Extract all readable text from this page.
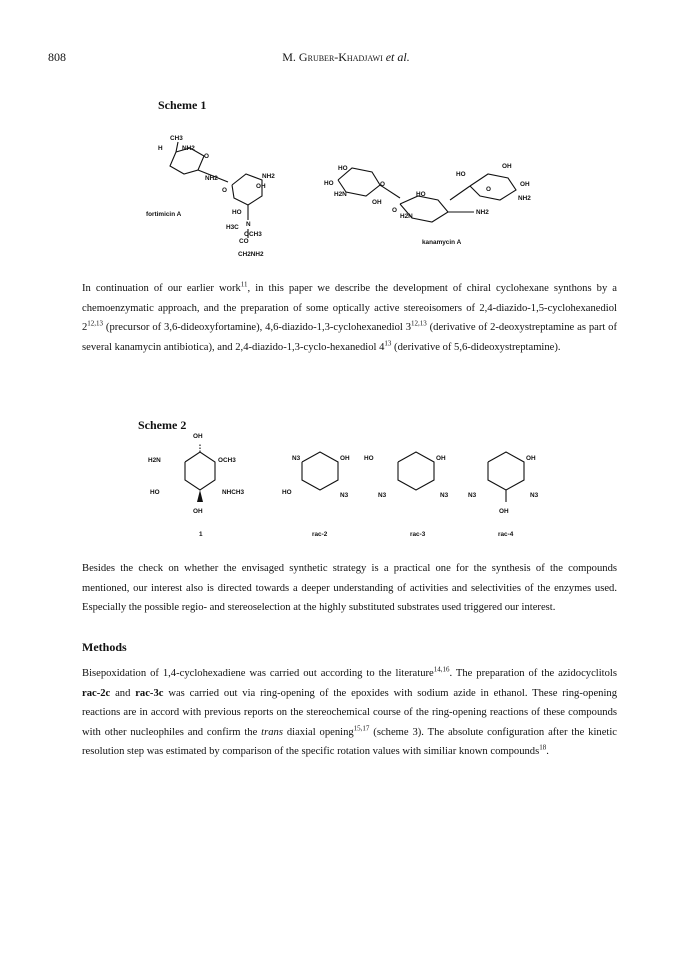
808	M. Gruber-Khadjawi et al.
Scheme 1
CH3
H	NH2
O
NH2
O
NH2
OH
HO
H3C N
OCH3
CO
CH2NH2
fortimicin A
HO
HO
H2N
O
OH
O
HO
H2N
NH2
HO
OH
O
OH
NH2
kanamycin A
In continuation of our earlier work$^{11}$, in this paper we describe the development of chiral cyclohexane synthons by a chemoenzymatic approach, and the preparation of some optically active stereoisomers of 2,4-diazido-1,5-cyclohexanediol 2$^{12,13}$ (precursor of 3,6-dideoxyfortamine), 4,6-diazido-1,3-cyclohexanediol 3$^{12,13}$ (derivative of 2-deoxystreptamine as part of several kanamycin antibiotica), and 2,4-diazido-1,3-cyclo-hexanediol $4^{13}$ (derivative of 5,6-dideoxystreptamine).
Scheme 2
OH
H2N	OCH3
HO	NHCH3
OH
1
N3	OH
HO	N3
rac-2
HO	OH
N3	N3
rac-3
OH
N3	N3
OH
rac-4
Besides the check on whether the envisaged synthetic strategy is a practical one for the synthesis of the compounds mentioned, our interest also is directed towards a deeper understanding of activities and selectivities of the enzymes used. Especially the possible regio- and stereoselection at the highly substituted substrates used triggered our interest.
Methods
Bisepoxidation of 1,4-cyclohexadiene was carried out according to the literature$^{14,16}$. The preparation of the azidocyclitols rac-2c and rac-3c was carried out via ring-opening of the epoxides with sodium azide in ethanol. These ring-opening reactions are in accord with previous reports on the stereochemical course of the ring-opening reactions of these compounds with other nucleophiles and confirm the trans diaxial opening$^{15,17}$ (scheme 3). The absolute configuration after the kinetic resolution step was estimated by comparison of the specific rotation values with similiar known compounds$^{18}$.
